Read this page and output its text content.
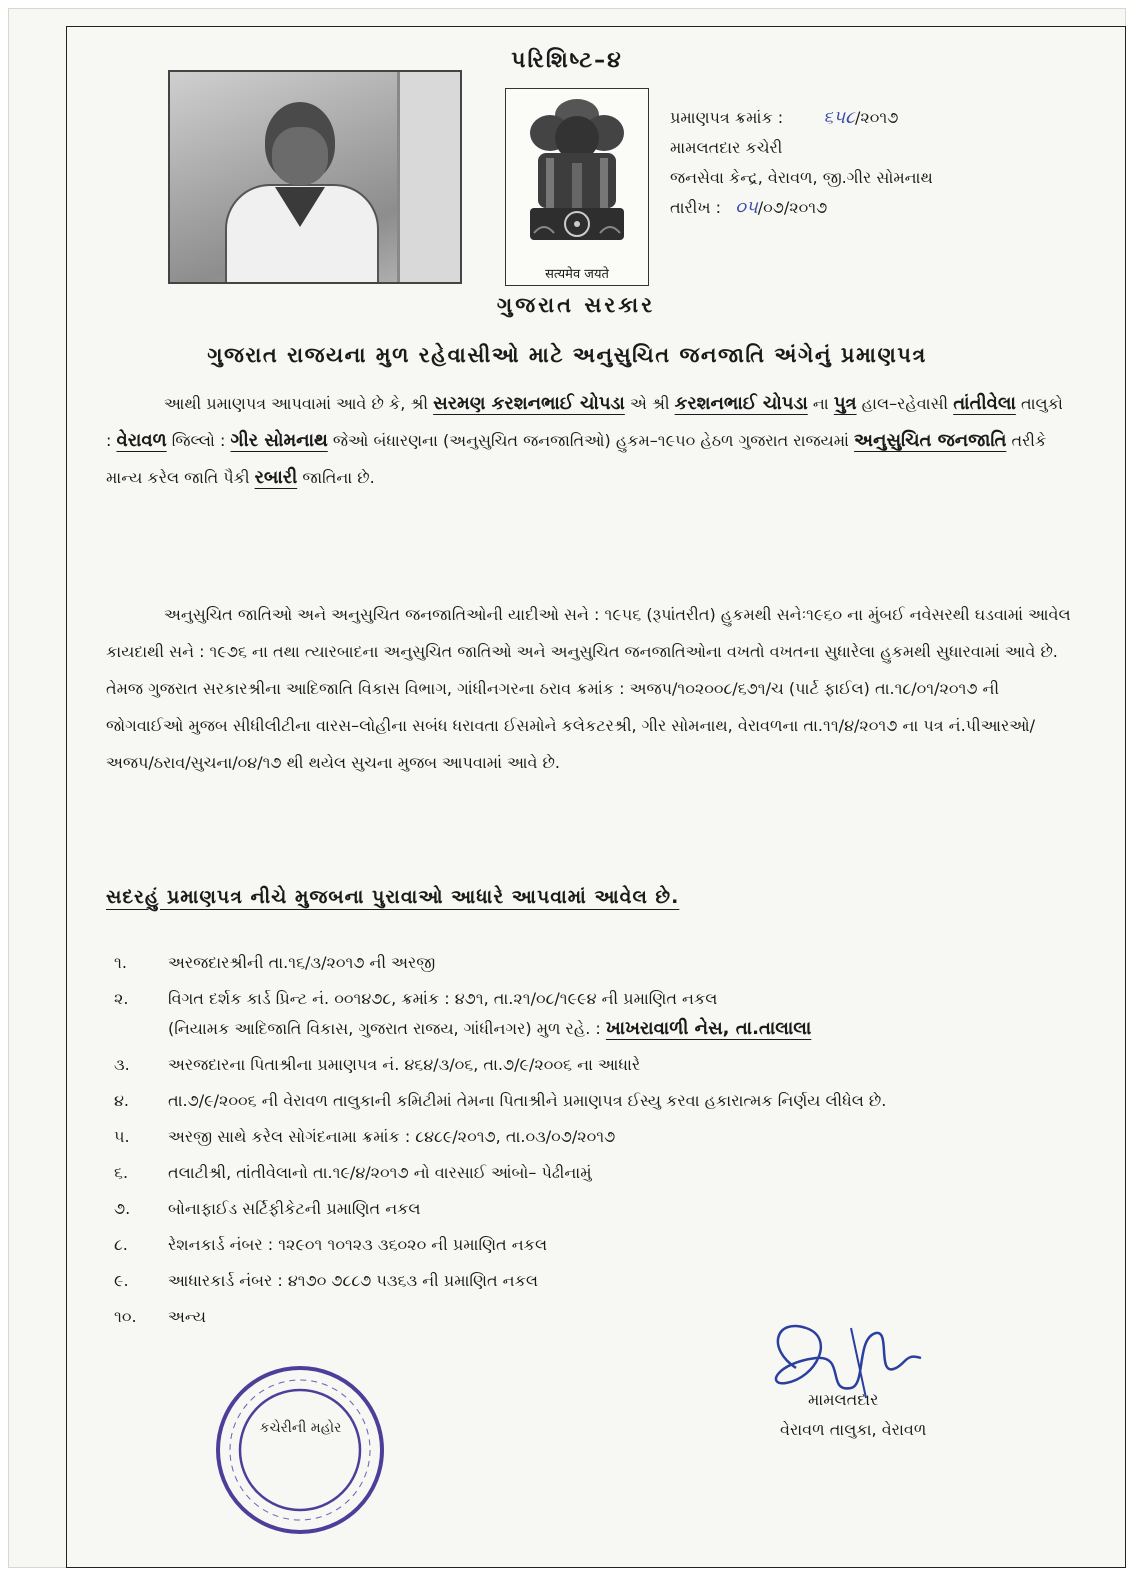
પરિશિષ્ટ–૪
सत्यमेव जयते
ગુજરાત સરકાર
પ્રમાણપત્ર ક્રમાંક : ૬૫૮/૨૦૧૭
મામલતદાર કચેરી
જનસેવા કેન્દ્ર, વેરાવળ, જી.ગીર સોમનાથ
તારીખ : ૦૫/૦૭/૨૦૧૭
ગુજરાત રાજયના મુળ રહેવાસીઓ માટે અનુસુચિત જનજાતિ અંગેનું પ્રમાણપત્ર
આથી પ્રમાણપત્ર આપવામાં આવે છે કે, શ્રી સરમણ કરશનભાઈ ચોપડા એ શ્રી કરશનભાઈ ચોપડા ના પુત્ર હાલ–રહેવાસી તાંતીવેલા તાલુકો : વેરાવળ જિલ્લો : ગીર સોમનાથ જેઓ બંધારણના (અનુસુચિત જનજાતિઓ) હુકમ–૧૯૫૦ હેઠળ ગુજરાત રાજયમાં અનુસુચિત જનજાતિ તરીકે માન્ય કરેલ જાતિ પૈકી રબારી જાતિના છે.
અનુસુચિત જાતિઓ અને અનુસુચિત જનજાતિઓની યાદીઓ સને : ૧૯૫૬ (રૂપાંતરીત) હુકમથી સનેઃ૧૯૬૦ ના મુંબઈ નવેસરથી ઘડવામાં આવેલ કાયદાથી સને : ૧૯૭૬ ના તથા ત્યારબાદના અનુસુચિત જાતિઓ અને અનુસુચિત જનજાતિઓના વખતો વખતના સુધારેલા હુકમથી સુધારવામાં આવે છે. તેમજ ગુજરાત સરકારશ્રીના આદિજાતિ વિકાસ વિભાગ, ગાંધીનગરના ઠરાવ ક્રમાંક : અજપ/૧૦૨૦૦૮/૬૭૧/ચ (પાર્ટ ફાઈલ) તા.૧૮/૦૧/૨૦૧૭ ની જોગવાઈઓ મુજબ સીધીલીટીના વારસ–લોહીના સબંધ ધરાવતા ઈસમોને કલેકટરશ્રી, ગીર સોમનાથ, વેરાવળના તા.૧૧/૪/૨૦૧૭ ના પત્ર નં.પીઆરઓ/અજપ/ઠરાવ/સુચના/૦૪/૧૭ થી થયેલ સુચના મુજબ આપવામાં આવે છે.
સદરહું પ્રમાણપત્ર નીચે મુજબના પુરાવાઓ આધારે આપવામાં આવેલ છે.
૧.	અરજદારશ્રીની તા.૧૬/૩/૨૦૧૭ ની અરજી
૨.	વિગત દર્શક કાર્ડ પ્રિન્ટ નં. ૦૦૧૪૭૮, ક્રમાંક : ૪૭૧, તા.૨૧/૦૮/૧૯૯૪ ની પ્રમાણિત નકલ
(નિયામક આદિજાતિ વિકાસ, ગુજરાત રાજય, ગાંધીનગર) મુળ રહે. : ખાખરાવાળી નેસ, તા.તાલાલા
૩.	અરજદારના પિતાશ્રીના પ્રમાણપત્ર નં. ૪૬૪/૩/૦૬, તા.૭/૯/૨૦૦૬ ના આધારે
૪.	તા.૭/૯/૨૦૦૬ ની વેરાવળ તાલુકાની કમિટીમાં તેમના પિતાશ્રીને પ્રમાણપત્ર ઈસ્યુ કરવા હકારાત્મક નિર્ણય લીધેલ છે.
૫.	અરજી સાથે કરેલ સોગંદનામા ક્રમાંક : ૮૪૮૯/૨૦૧૭, તા.૦૩/૦૭/૨૦૧૭
૬.	તલાટીશ્રી, તાંતીવેલાનો તા.૧૯/૪/૨૦૧૭ નો વારસાઈ આંબો– પેઢીનામું
૭.	બોનાફાઈડ સર્ટિફીકેટની પ્રમાણિત નકલ
૮.	રેશનકાર્ડ નંબર : ૧૨૯૦૧ ૧૦૧૨૩ ૩૬૦૨૦ ની પ્રમાણિત નકલ
૯.	આધારકાર્ડ નંબર : ૪૧૭૦ ૭૮૮૭ ૫૩૬૩ ની પ્રમાણિત નકલ
૧૦.	અન્ય
મામલતદાર
વેરાવળ તાલુકા, વેરાવળ
કચેરીની મહોર
